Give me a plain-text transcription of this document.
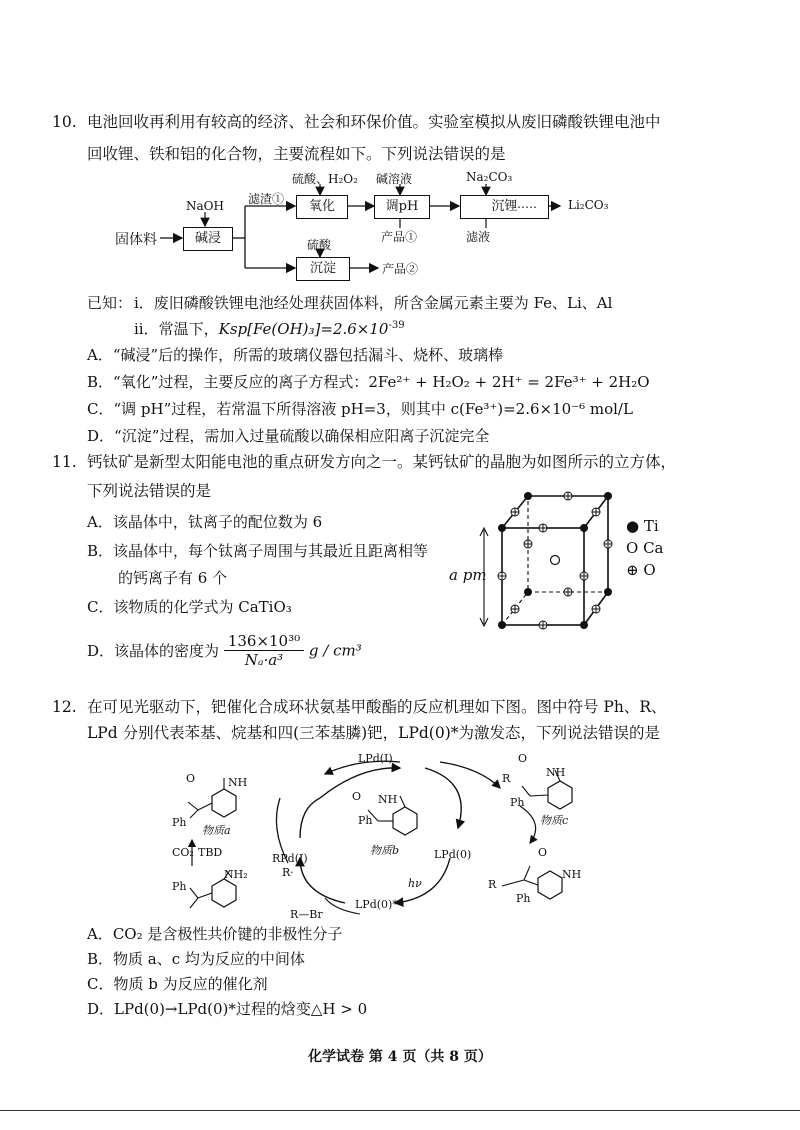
10. 电池回收再利用有较高的经济、社会和环保价值。实验室模拟从废旧磷酸铁锂电池中
回收锂、铁和铝的化合物，主要流程如下。下列说法错误的是
NaOH
固体料	碱浸
滤渣①
硫酸、H₂O₂
氧化
碱溶液
调pH
产品①
Na₂CO₃
沉锂
滤液
……	Li₂CO₃
硫酸
沉淀	产品②
已知： i．废旧磷酸铁锂电池经处理获固体料，所含金属元素主要为 Fe、Li、Al
ii．常温下，$Ksp[Fe(OH)_3]=2.6\times 10^{-39}$
A．“碱浸”后的操作，所需的玻璃仪器包括漏斗、烧杯、玻璃棒
B．“氧化”过程，主要反应的离子方程式：2Fe²⁺ + H₂O₂ + 2H⁺ = 2Fe³⁺ + 2H₂O
C．“调 pH”过程，若常温下所得溶液 pH=3，则其中 c(Fe³⁺)=2.6×10⁻⁶ mol/L
D．“沉淀”过程，需加入过量硫酸以确保相应阳离子沉淀完全
11. 钙钛矿是新型太阳能电池的重点研发方向之一。某钙钛矿的晶胞为如图所示的立方体，
下列说法错误的是
A．该晶体中，钛离子的配位数为 6
B．该晶体中，每个钛离子周围与其最近且距离相等
的钙离子有 6 个
C．该物质的化学式为 CaTiO₃
D．该晶体的密度为 $\frac{\text{136×10³⁰}}{\text{Nₐ·a³}}$ g / cm³
a pm
● Ti
O Ca
⊕ O
12. 在可见光驱动下，钯催化合成环状氨基甲酸酯的反应机理如下图。图中符号 Ph、R、
LPd 分别代表苯基、烷基和四(三苯基膦)钯，LPd(0)*为激发态，下列说法错误的是
O	NH
Ph
物质a
CO₂ TBD
Ph
NH₂
LPd(Ⅰ)
O NH
Ph
物质b	LPd(0)
hν
LPd(0)*
RPd(Ⅰ)
R·
R—Br
O
NH
R
Ph
物质c
O
NH
R
Ph
A．CO₂ 是含极性共价键的非极性分子
B．物质 a、c 均为反应的中间体
C．物质 b 为反应的催化剂
D．LPd(0)→LPd(0)*过程的焓变△H > 0
化学试卷 第 4 页（共 8 页）
